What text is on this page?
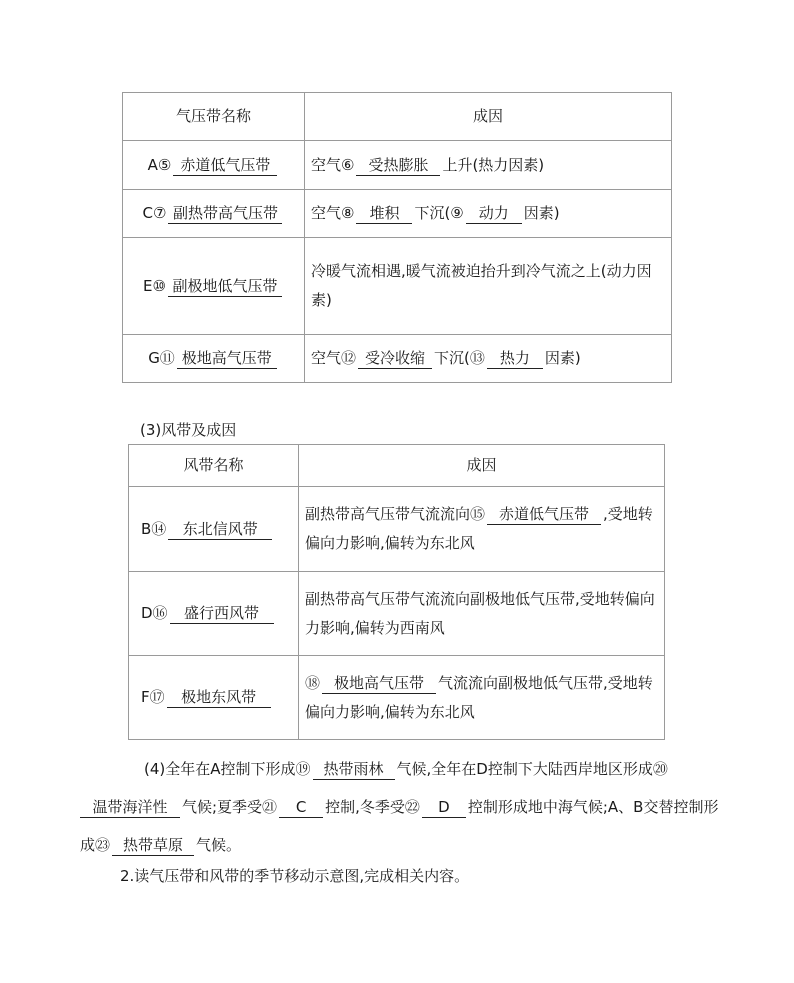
气压带名称	成因
A⑤ 赤道低气压带	空气⑥ 受热膨胀 上升(热力因素)
C⑦ 副热带高气压带	空气⑧ 堆积 下沉(⑨ 动力 因素)
E⑩ 副极地低气压带	冷暖气流相遇,暖气流被迫抬升到冷气流之上(动力因素)
G⑪ 极地高气压带	空气⑫ 受冷收缩 下沉(⑬ 热力 因素)
(3)风带及成因
风带名称	成因
B⑭ 东北信风带	副热带高气压带气流流向⑮ 赤道低气压带 ,受地转偏向力影响,偏转为东北风
D⑯ 盛行西风带	副热带高气压带气流流向副极地低气压带,受地转偏向力影响,偏转为西南风
F⑰ 极地东风带	⑱ 极地高气压带 气流流向副极地低气压带,受地转偏向力影响,偏转为东北风
(4)全年在A控制下形成⑲ 热带雨林 气候,全年在D控制下大陆西岸地区形成⑳温带海洋性 气候;夏季受㉑ C 控制,冬季受㉒ D 控制形成地中海气候;A、B交替控制形成㉓ 热带草原 气候。
2.读气压带和风带的季节移动示意图,完成相关内容。
